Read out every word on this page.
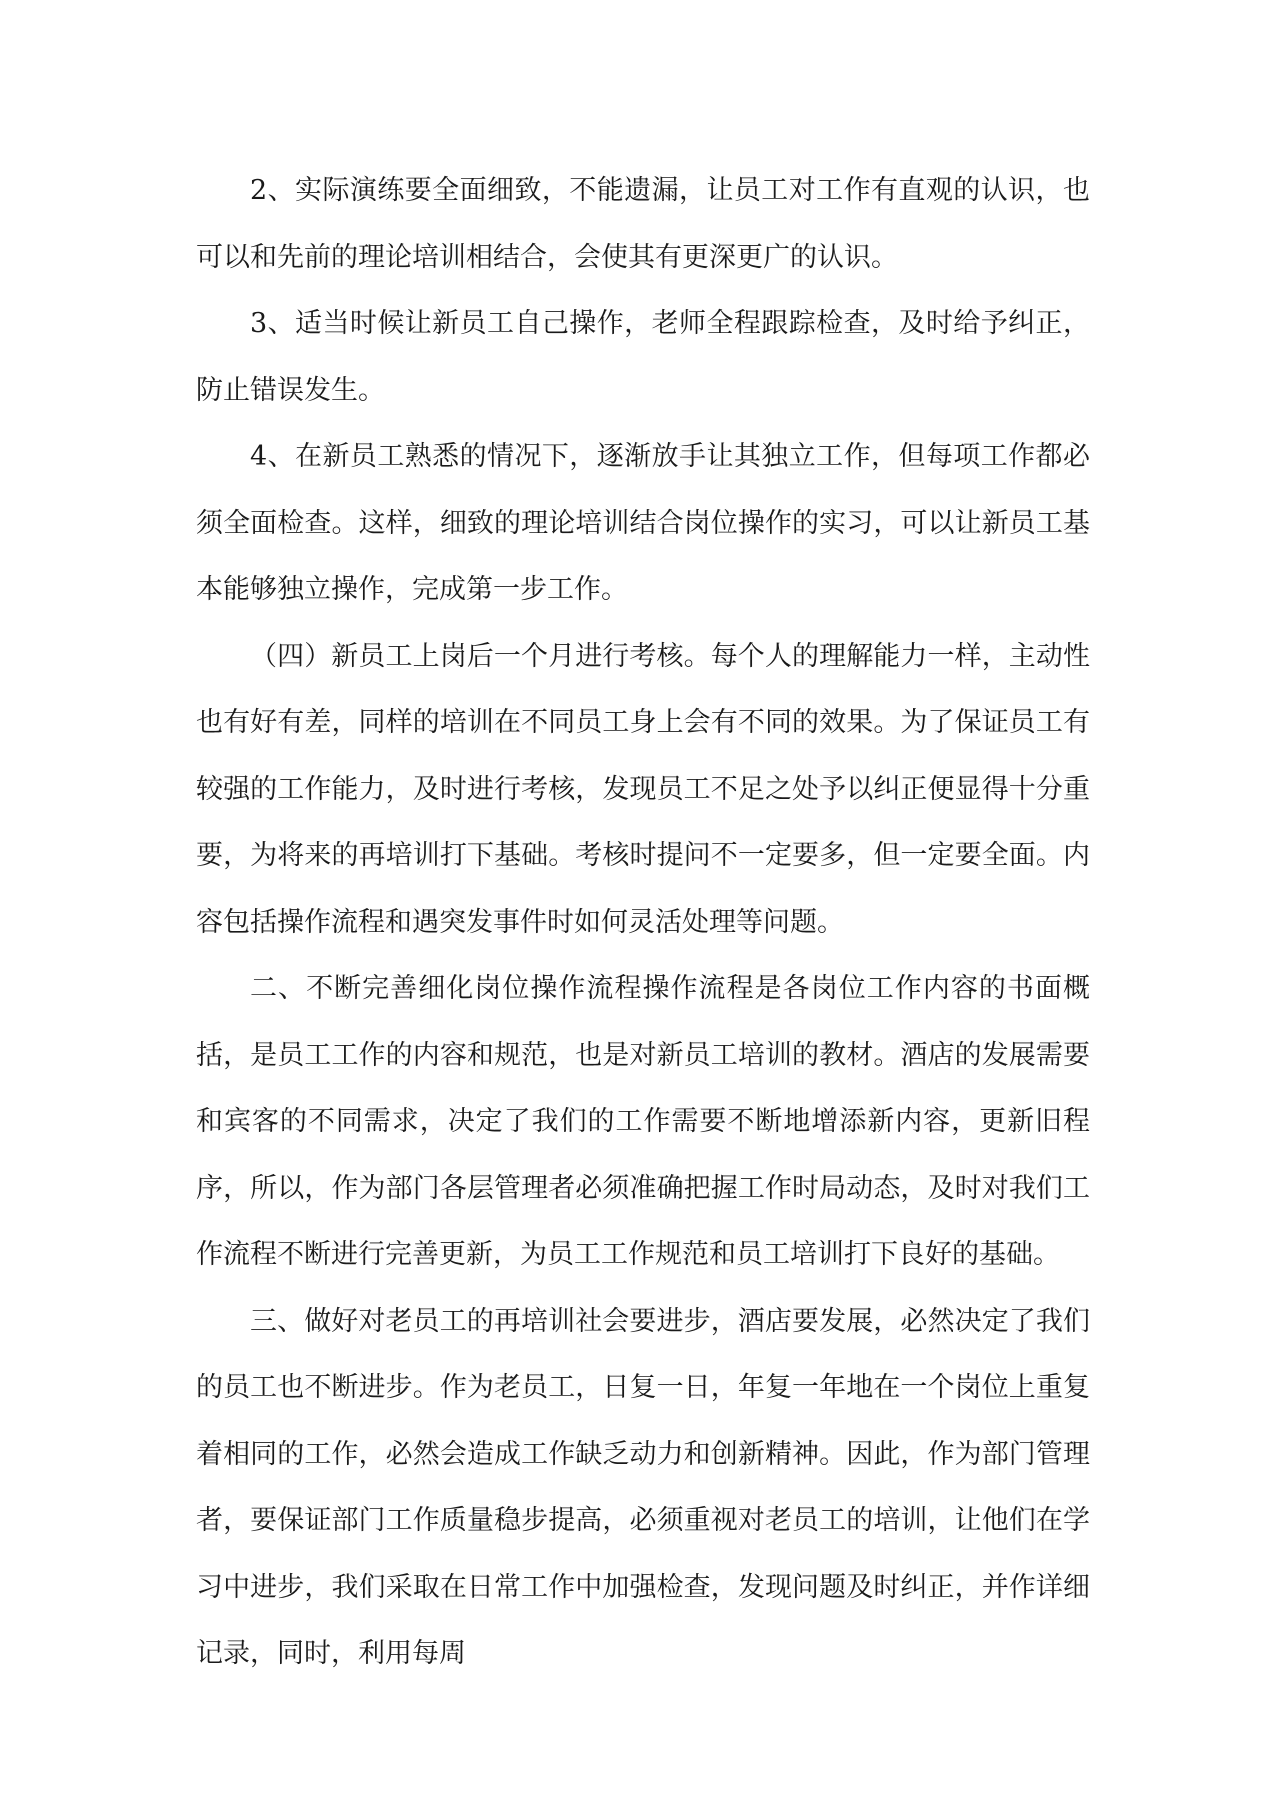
2、实际演练要全面细致，不能遗漏，让员工对工作有直观的认识，也可以和先前的理论培训相结合，会使其有更深更广的认识。

3、适当时候让新员工自己操作，老师全程跟踪检查，及时给予纠正，防止错误发生。

4、在新员工熟悉的情况下，逐渐放手让其独立工作，但每项工作都必须全面检查。这样，细致的理论培训结合岗位操作的实习，可以让新员工基本能够独立操作，完成第一步工作。

（四）新员工上岗后一个月进行考核。每个人的理解能力一样，主动性也有好有差，同样的培训在不同员工身上会有不同的效果。为了保证员工有较强的工作能力，及时进行考核，发现员工不足之处予以纠正便显得十分重要，为将来的再培训打下基础。考核时提问不一定要多，但一定要全面。内容包括操作流程和遇突发事件时如何灵活处理等问题。

二、不断完善细化岗位操作流程操作流程是各岗位工作内容的书面概括，是员工工作的内容和规范，也是对新员工培训的教材。酒店的发展需要和宾客的不同需求，决定了我们的工作需要不断地增添新内容，更新旧程序，所以，作为部门各层管理者必须准确把握工作时局动态，及时对我们工作流程不断进行完善更新，为员工工作规范和员工培训打下良好的基础。

三、做好对老员工的再培训社会要进步，酒店要发展，必然决定了我们的员工也不断进步。作为老员工，日复一日，年复一年地在一个岗位上重复着相同的工作，必然会造成工作缺乏动力和创新精神。因此，作为部门管理者，要保证部门工作质量稳步提高，必须重视对老员工的培训，让他们在学习中进步，我们采取在日常工作中加强检查，发现问题及时纠正，并作详细记录，同时，利用每周
